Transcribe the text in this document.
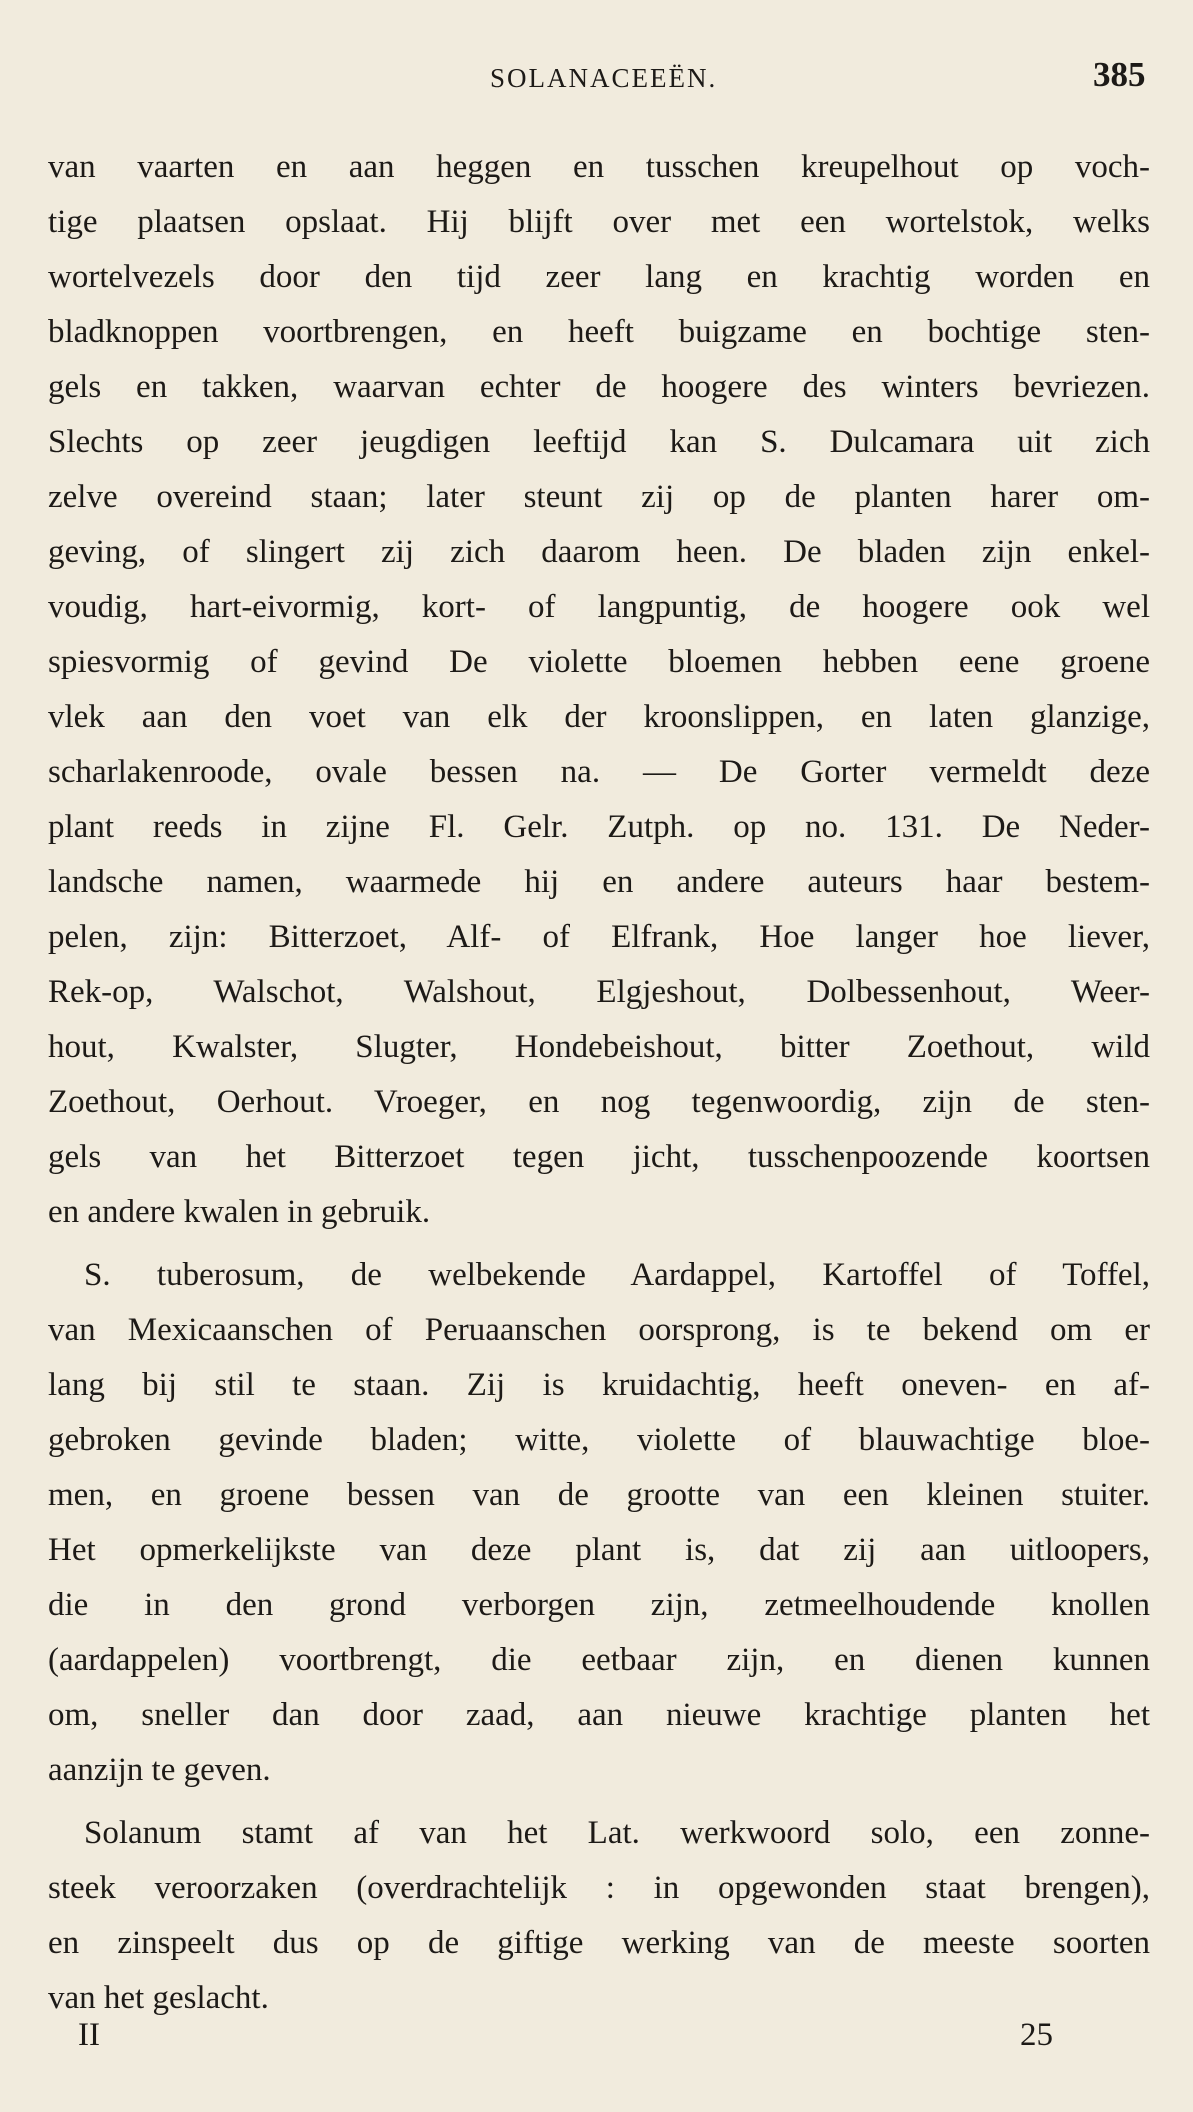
SOLANACEEËN.	385
van vaarten en aan heggen en tusschen kreupelhout op voch-
tige plaatsen opslaat. Hij blijft over met een wortelstok, welks
wortelvezels door den tijd zeer lang en krachtig worden en
bladknoppen voortbrengen, en heeft buigzame en bochtige sten-
gels en takken, waarvan echter de hoogere des winters bevriezen.
Slechts op zeer jeugdigen leeftijd kan S. Dulcamara uit zich
zelve overeind staan; later steunt zij op de planten harer om-
geving, of slingert zij zich daarom heen. De bladen zijn enkel-
voudig, hart-eivormig, kort- of langpuntig, de hoogere ook wel
spiesvormig of gevind De violette bloemen hebben eene groene
vlek aan den voet van elk der kroonslippen, en laten glanzige,
scharlakenroode, ovale bessen na. — De Gorter vermeldt deze
plant reeds in zijne Fl. Gelr. Zutph. op no. 131. De Neder-
landsche namen, waarmede hij en andere auteurs haar bestem-
pelen, zijn: Bitterzoet, Alf- of Elfrank, Hoe langer hoe liever,
Rek-op, Walschot, Walshout, Elgjeshout, Dolbessenhout, Weer-
hout, Kwalster, Slugter, Hondebeishout, bitter Zoethout, wild
Zoethout, Oerhout. Vroeger, en nog tegenwoordig, zijn de sten-
gels van het Bitterzoet tegen jicht, tusschenpoozende koortsen
en andere kwalen in gebruik.
S. tuberosum, de welbekende Aardappel, Kartoffel of Toffel,
van Mexicaanschen of Peruaanschen oorsprong, is te bekend om er
lang bij stil te staan. Zij is kruidachtig, heeft oneven- en af-
gebroken gevinde bladen; witte, violette of blauwachtige bloe-
men, en groene bessen van de grootte van een kleinen stuiter.
Het opmerkelijkste van deze plant is, dat zij aan uitloopers,
die in den grond verborgen zijn, zetmeelhoudende knollen
(aardappelen) voortbrengt, die eetbaar zijn, en dienen kunnen
om, sneller dan door zaad, aan nieuwe krachtige planten het
aanzijn te geven.
Solanum stamt af van het Lat. werkwoord solo, een zonne-
steek veroorzaken (overdrachtelijk : in opgewonden staat brengen),
en zinspeelt dus op de giftige werking van de meeste soorten
van het geslacht.
II	25
